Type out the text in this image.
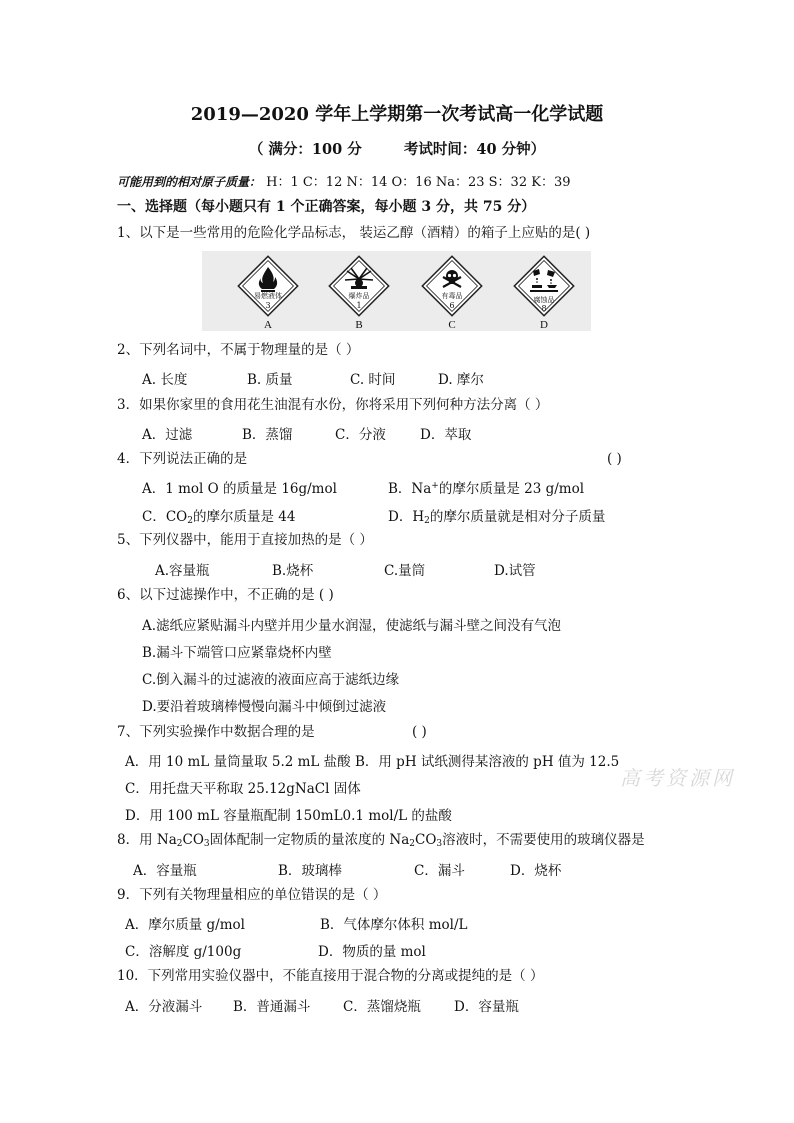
2019—2020 学年上学期第一次考试高一化学试题
（ 满分：100 分	考试时间：40 分钟）
可能用到的相对原子质量： H：1 C：12 N：14 O：16 Na：23 S：32 K：39
一、选择题（每小题只有 1 个正确答案，每小题 3 分，共 75 分）
1、以下是一些常用的危险化学品标志， 装运乙醇（酒精）的箱子上应贴的是( )
易燃液体
3
A
爆炸品
1
B
有毒品
6
C
腐蚀品
8
D
2、下列名词中，不属于物理量的是（ ）
A. 长度	B. 质量	C. 时间	D. 摩尔
3．如果你家里的食用花生油混有水份，你将采用下列何种方法分离（ ）
A．过滤	B．蒸馏	C．分液	D．萃取
4．下列说法正确的是	( )
A．1 mol O 的质量是 16g/mol	B．Na+的摩尔质量是 23 g/mol
C．$CO_2$的摩尔质量是 44	D．$H_2$的摩尔质量就是相对分子质量
5、下列仪器中，能用于直接加热的是（ ）
A.容量瓶	B.烧杯	C.量筒	D.试管
6、以下过滤操作中，不正确的是 ( )
A.滤纸应紧贴漏斗内壁并用少量水润湿，使滤纸与漏斗壁之间没有气泡
B.漏斗下端管口应紧靠烧杯内壁
C.倒入漏斗的过滤液的液面应高于滤纸边缘
D.要沿着玻璃棒慢慢向漏斗中倾倒过滤液
7、下列实验操作中数据合理的是	( )
A．用 10 mL 量筒量取 5.2 mL 盐酸 B．用 pH 试纸测得某溶液的 pH 值为 12.5
C．用托盘天平称取 25.12gNaCl 固体
D．用 100 mL 容量瓶配制 150mL0.1 mol/L 的盐酸
高考资源网
8．用 $Na_2CO_3$固体配制一定物质的量浓度的 $Na_2CO_3$溶液时，不需要使用的玻璃仪器是
A．容量瓶	B．玻璃棒	C．漏斗	D．烧杯
9．下列有关物理量相应的单位错误的是（ ）
A．摩尔质量 g/mol	B．气体摩尔体积 mol/L
C．溶解度 g/100g	D．物质的量 mol
10．下列常用实验仪器中，不能直接用于混合物的分离或提纯的是（ ）
A．分液漏斗 B．普通漏斗 C．蒸馏烧瓶 D．容量瓶
